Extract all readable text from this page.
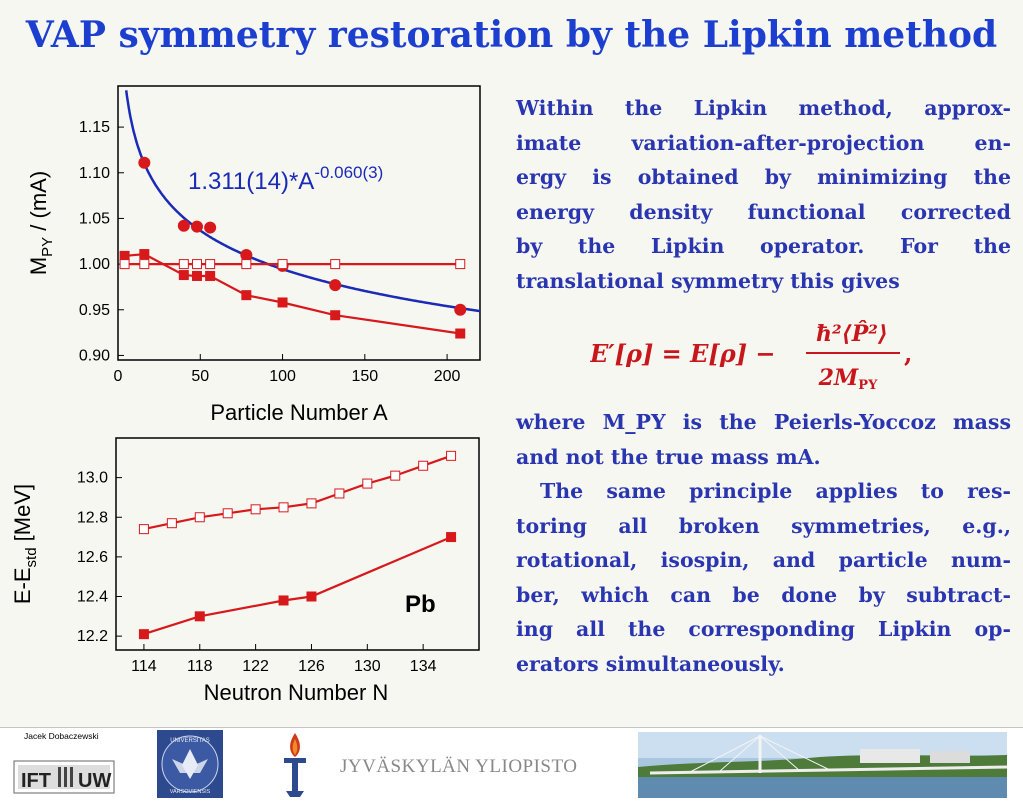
VAP symmetry restoration by the Lipkin method
0	50	100	150	200
0.90
0.95
1.00
1.05
1.10
1.15
$1.311(14)*A^{-0.060(3)}$
Particle Number A
$M_{PY} / (mA)$
114 118 122 126 130 134
12.2
12.4
12.6
12.8
13.0
Pb
Neutron Number N
$E-E_{std}$ [MeV]
Within the Lipkin method, approx-
imate variation-after-projection en-
ergy is obtained by minimizing the
energy density functional corrected
by the Lipkin operator. For the
translational symmetry this gives
E′[ρ] = E[ρ] −
ħ²⟨P̂²⟩
2MPY
,
where M_PY is the Peierls-Yoccoz mass
and not the true mass mA.
The same principle applies to res-
toring all broken symmetries, e.g.,
rotational, isospin, and particle num-
ber, which can be done by subtract-
ing all the corresponding Lipkin op-
erators simultaneously.
Jacek Dobaczewski
IFT UW
UNIVERSITAS
VARSOVIENSIS
JYVÄSKYLÄN YLIOPISTO
